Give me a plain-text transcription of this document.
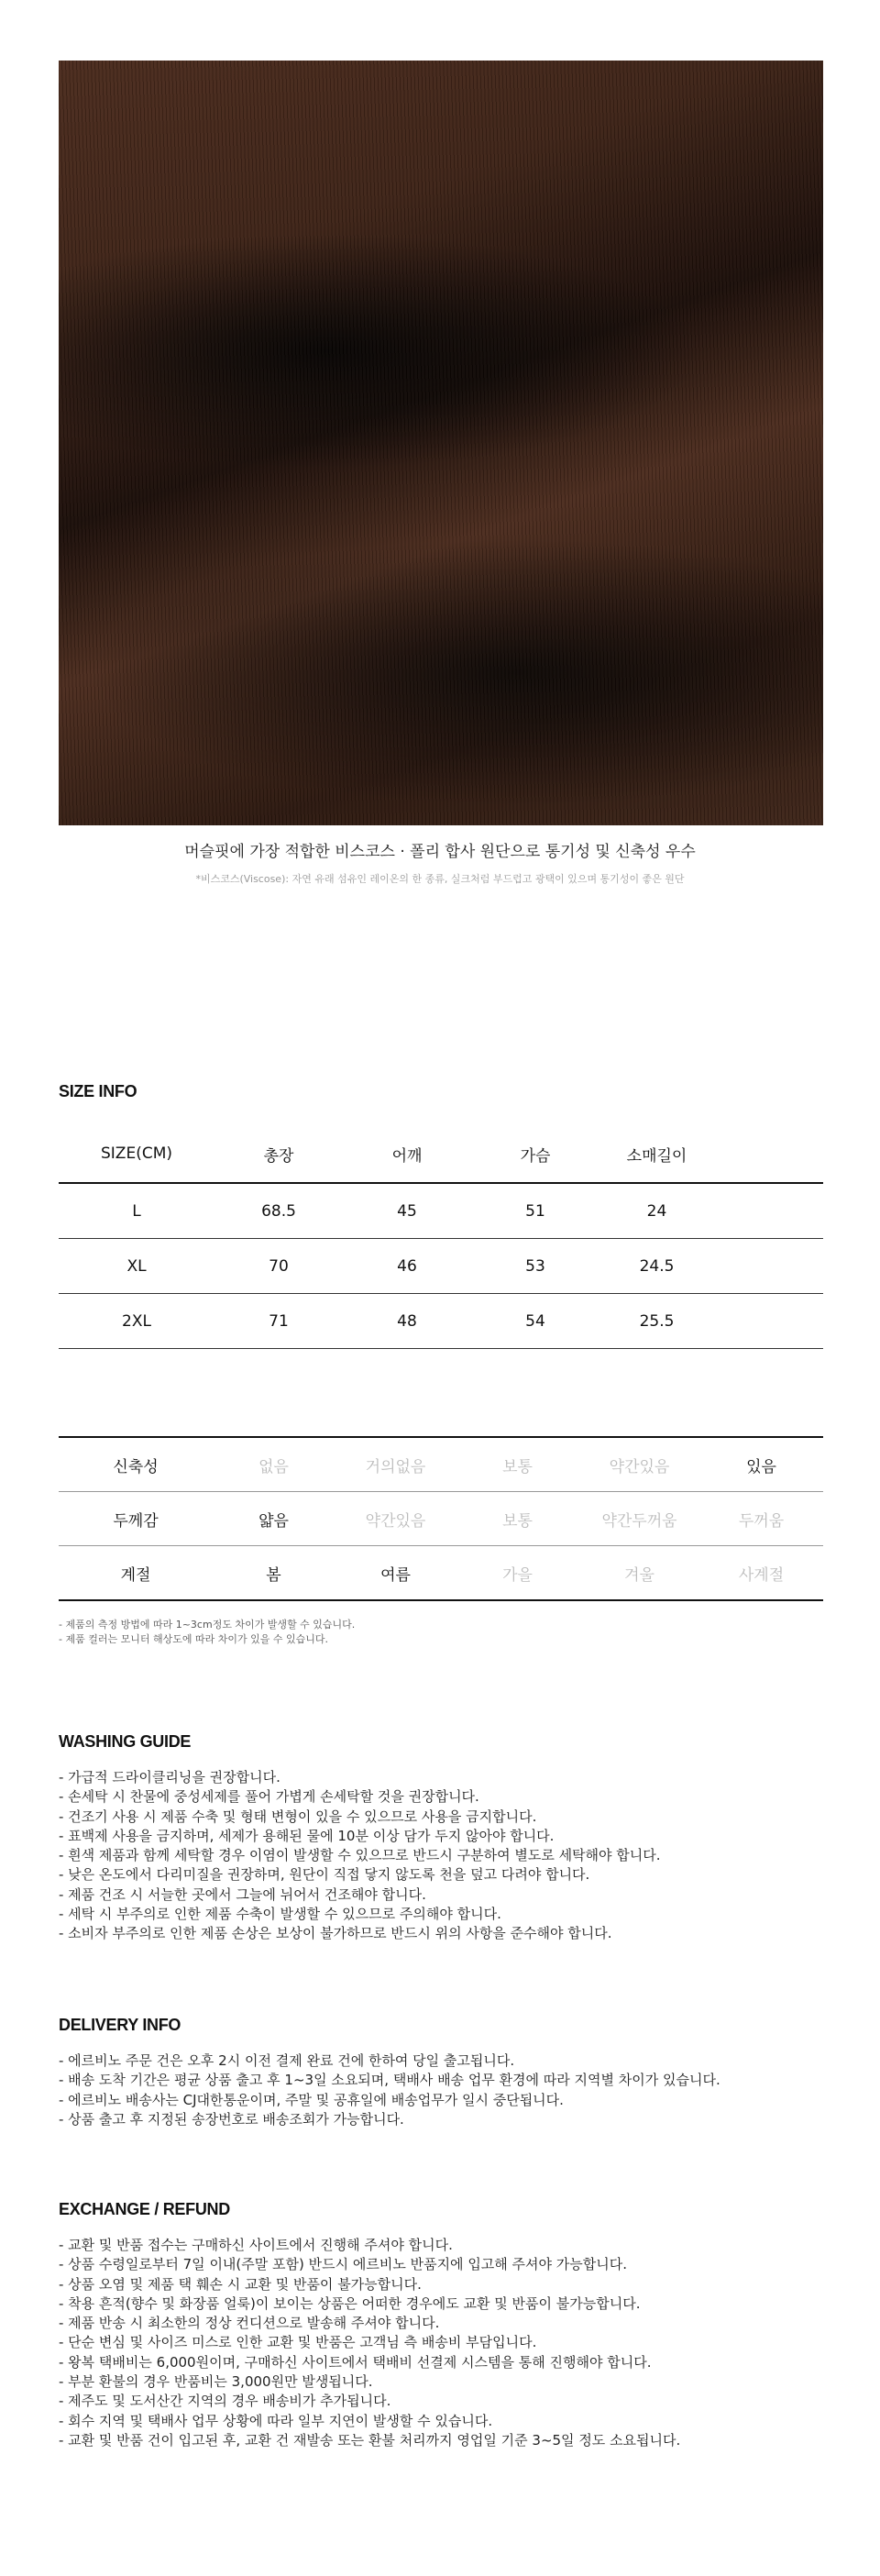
머슬핏에 가장 적합한 비스코스 · 폴리 합사 원단으로 통기성 및 신축성 우수
*비스코스(Viscose): 자연 유래 섬유인 레이온의 한 종류, 실크처럼 부드럽고 광택이 있으며 통기성이 좋은 원단
SIZE INFO
SIZE(CM)	총장	어깨	가슴	소매길이
L	68.5	45	51	24
XL	70	46	53	24.5
2XL	71	48	54	25.5
신축성	없음	거의없음	보통	약간있음	있음
두께감	얇음	약간있음	보통	약간두꺼움	두꺼움
계절	봄	여름	가을	겨울	사계절
- 제품의 측정 방법에 따라 1~3cm정도 차이가 발생할 수 있습니다.
- 제품 컬러는 모니터 해상도에 따라 차이가 있을 수 있습니다.
WASHING GUIDE
- 가급적 드라이클리닝을 권장합니다.
- 손세탁 시 찬물에 중성세제를 풀어 가볍게 손세탁할 것을 권장합니다.
- 건조기 사용 시 제품 수축 및 형태 변형이 있을 수 있으므로 사용을 금지합니다.
- 표백제 사용을 금지하며, 세제가 용해된 물에 10분 이상 담가 두지 않아야 합니다.
- 흰색 제품과 함께 세탁할 경우 이염이 발생할 수 있으므로 반드시 구분하여 별도로 세탁해야 합니다.
- 낮은 온도에서 다리미질을 권장하며, 원단이 직접 닿지 않도록 천을 덮고 다려야 합니다.
- 제품 건조 시 서늘한 곳에서 그늘에 뉘어서 건조해야 합니다.
- 세탁 시 부주의로 인한 제품 수축이 발생할 수 있으므로 주의해야 합니다.
- 소비자 부주의로 인한 제품 손상은 보상이 불가하므로 반드시 위의 사항을 준수해야 합니다.
DELIVERY INFO
- 에르비노 주문 건은 오후 2시 이전 결제 완료 건에 한하여 당일 출고됩니다.
- 배송 도착 기간은 평균 상품 출고 후 1~3일 소요되며, 택배사 배송 업무 환경에 따라 지역별 차이가 있습니다.
- 에르비노 배송사는 CJ대한통운이며, 주말 및 공휴일에 배송업무가 일시 중단됩니다.
- 상품 출고 후 지정된 송장번호로 배송조회가 가능합니다.
EXCHANGE / REFUND
- 교환 및 반품 접수는 구매하신 사이트에서 진행해 주셔야 합니다.
- 상품 수령일로부터 7일 이내(주말 포함) 반드시 에르비노 반품지에 입고해 주셔야 가능합니다.
- 상품 오염 및 제품 택 훼손 시 교환 및 반품이 불가능합니다.
- 착용 흔적(향수 및 화장품 얼룩)이 보이는 상품은 어떠한 경우에도 교환 및 반품이 불가능합니다.
- 제품 반송 시 최소한의 정상 컨디션으로 발송해 주셔야 합니다.
- 단순 변심 및 사이즈 미스로 인한 교환 및 반품은 고객님 측 배송비 부담입니다.
- 왕복 택배비는 6,000원이며, 구매하신 사이트에서 택배비 선결제 시스템을 통해 진행해야 합니다.
- 부분 환불의 경우 반품비는 3,000원만 발생됩니다.
- 제주도 및 도서산간 지역의 경우 배송비가 추가됩니다.
- 회수 지역 및 택배사 업무 상황에 따라 일부 지연이 발생할 수 있습니다.
- 교환 및 반품 건이 입고된 후, 교환 건 재발송 또는 환불 처리까지 영업일 기준 3~5일 정도 소요됩니다.
